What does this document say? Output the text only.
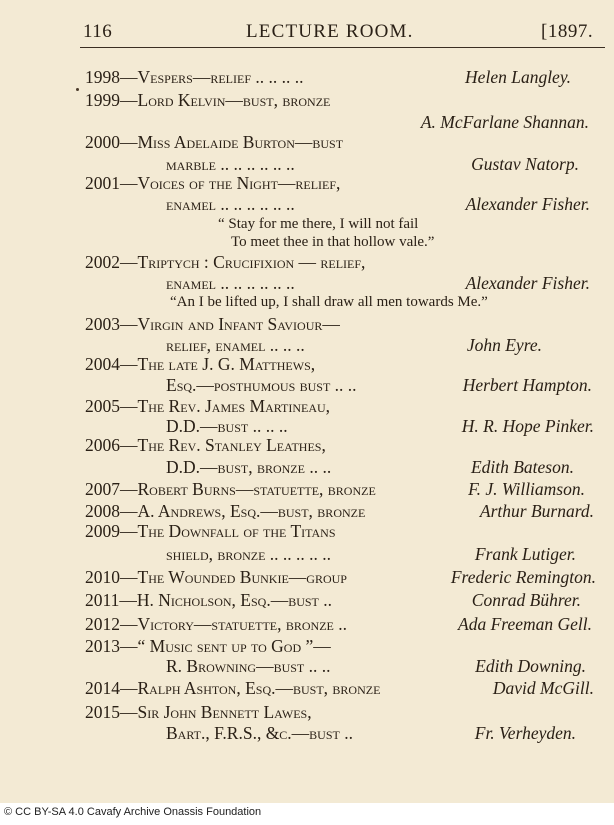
116	LECTURE ROOM.	[1897.
1998—Vespers—relief .. .. .. ..	Helen Langley.
1999—Lord Kelvin—bust, bronze
A. McFarlane Shannan.
2000—Miss Adelaide Burton—bust
marble .. .. .. .. .. ..	Gustav Natorp.
2001—Voices of the Night—relief,
enamel .. .. .. .. .. ..	Alexander Fisher.
“ Stay for me there, I will not fail
To meet thee in that hollow vale.”
2002—Triptych : Crucifixion — relief,
enamel .. .. .. .. .. ..	Alexander Fisher.
“An I be lifted up, I shall draw all men towards Me.”
2003—Virgin and Infant Saviour—
relief, enamel .. .. ..	John Eyre.
2004—The late J. G. Matthews,
Esq.—posthumous bust .. ..	Herbert Hampton.
2005—The Rev. James Martineau,
D.D.—bust .. .. ..	H. R. Hope Pinker.
2006—The Rev. Stanley Leathes,
D.D.—bust, bronze .. ..	Edith Bateson.
2007—Robert Burns—statuette, bronze	F. J. Williamson.
2008—A. Andrews, Esq.—bust, bronze	Arthur Burnard.
2009—The Downfall of the Titans
shield, bronze .. .. .. .. ..	Frank Lutiger.
2010—The Wounded Bunkie—group	Frederic Remington.
2011—H. Nicholson, Esq.—bust ..	Conrad Bührer.
2012—Victory—statuette, bronze ..	Ada Freeman Gell.
2013—“ Music sent up to God ”—
R. Browning—bust .. ..	Edith Downing.
2014—Ralph Ashton, Esq.—bust, bronze	David McGill.
2015—Sir John Bennett Lawes,
Bart., F.R.S., &c.—bust ..	Fr. Verheyden.
© CC BY-SA 4.0 Cavafy Archive Onassis Foundation
